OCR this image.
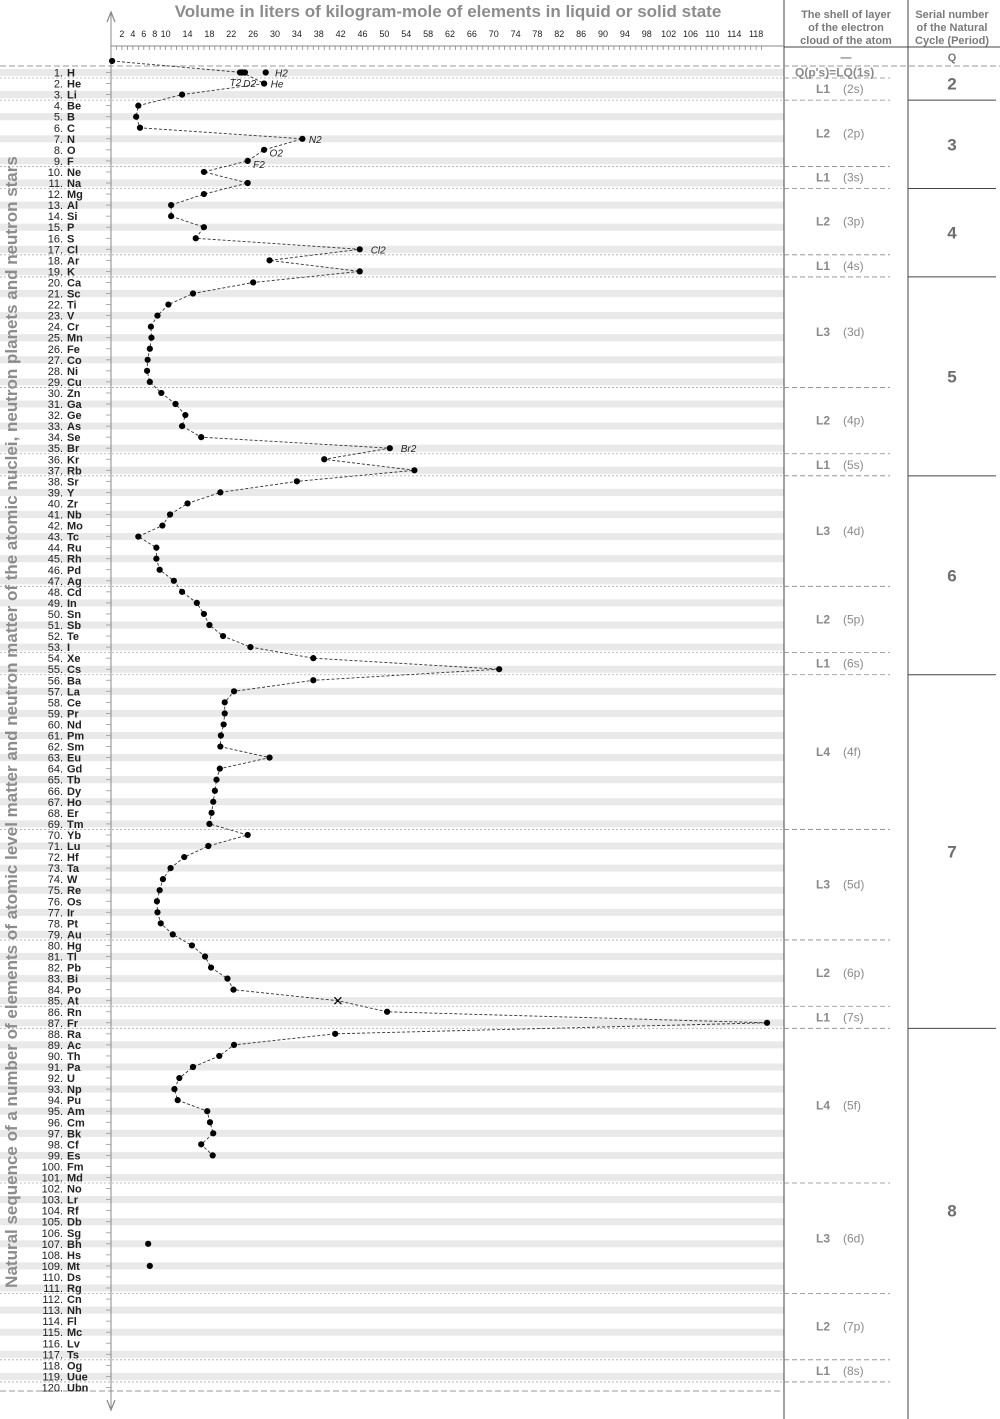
Volume in liters of kilogram-mole of elements in liquid or solid state
Natural sequence of a number of elements of atomic level matter and neutron matter of the atomic nuclei, neutron planets and neutron stars
2 4 6 8 10 14 18 22 26 30 34 38 42 46 50 54 58 62 66 70 74 78 82 86 90 94 98 102 106 110 114 118
1. H
2. He
3. Li
4. Be
5. B
6. C
7. N
8. O
9. F
10. Ne
11. Na
12. Mg
13. Al
14. Si
15. P
16. S
17. Cl
18. Ar
19. K
20. Ca
21. Sc
22. Ti
23. V
24. Cr
25. Mn
26. Fe
27. Co
28. Ni
29. Cu
30. Zn
31. Ga
32. Ge
33. As
34. Se
35. Br
36. Kr
37. Rb
38. Sr
39. Y
40. Zr
41. Nb
42. Mo
43. Tc
44. Ru
45. Rh
46. Pd
47. Ag
48. Cd
49. In
50. Sn
51. Sb
52. Te
53. I
54. Xe
55. Cs
56. Ba
57. La
58. Ce
59. Pr
60. Nd
61. Pm
62. Sm
63. Eu
64. Gd
65. Tb
66. Dy
67. Ho
68. Er
69. Tm
70. Yb
71. Lu
72. Hf
73. Ta
74. W
75. Re
76. Os
77. Ir
78. Pt
79. Au
80. Hg
81. Tl
82. Pb
83. Bi
84. Po
85. At
86. Rn
87. Fr
88. Ra
89. Ac
90. Th
91. Pa
92. U
93. Np
94. Pu
95. Am
96. Cm
97. Bk
98. Cf
99. Es
100. Fm
101. Md
102. No
103. Lr
104. Rf
105. Db
106. Sg
107. Bh
108. Hs
109. Mt
110. Ds
111. Rg
112. Cn
113. Nh
114. Fl
115. Mc
116. Lv
117. Ts
118. Og
119. Uue
120. Ubn
The shell of layer
of the electron
cloud of the atom
Serial number
of the Natural
Cycle (Period)
—	Q
Q(p's)=LQ(1s)
L1 (2s)
L2 (2p)
L1 (3s)
L2 (3p)
L1 (4s)
L3 (3d)
L2 (4p)
L1 (5s)
L3 (4d)
L2 (5p)
L1 (6s)
L4 (4f)
L3 (5d)
L2 (6p)
L1 (7s)
L4 (5f)
L3 (6d)
L2 (7p)
L1 (8s)
2
3
4
5
6
7
8
H2
T2 D2 He
N2
O2
F2
Cl2
Br2
